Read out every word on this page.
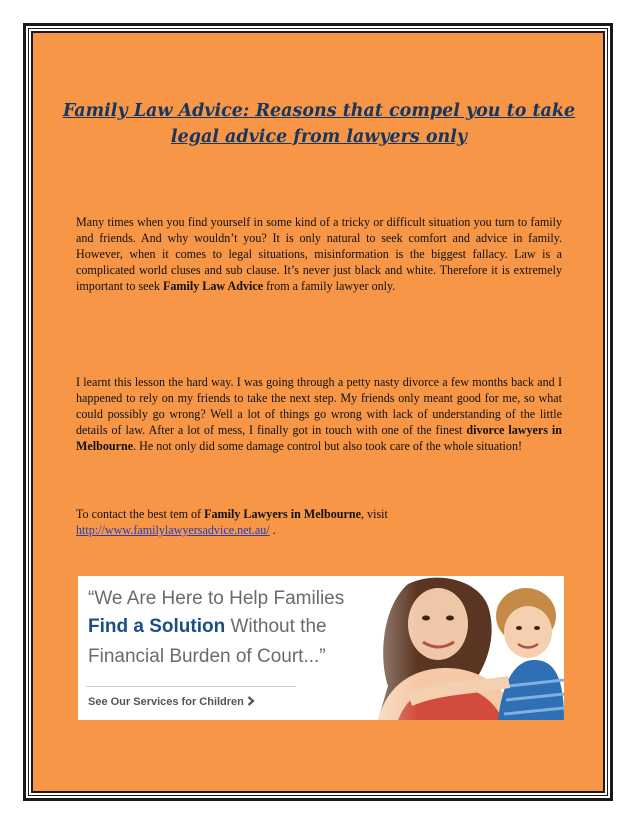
Family Law Advice: Reasons that compel you to take legal advice from lawyers only

Many times when you find yourself in some kind of a tricky or difficult situation you turn to family and friends. And why wouldn’t you? It is only natural to seek comfort and advice in family. However, when it comes to legal situations, misinformation is the biggest fallacy. Law is a complicated world cluses and sub clause. It’s never just black and white. Therefore it is extremely important to seek Family Law Advice from a family lawyer only.

I learnt this lesson the hard way. I was going through a petty nasty divorce a few months back and I happened to rely on my friends to take the next step. My friends only meant good for me, so what could possibly go wrong? Well a lot of things go wrong with lack of understanding of the little details of law. After a lot of mess, I finally got in touch with one of the finest divorce lawyers in Melbourne. He not only did some damage control but also took care of the whole situation!

To contact the best tem of Family Lawyers in Melbourne, visit
http://www.familylawyersadvice.net.au/ .

“We Are Here to Help Families

Find a Solution Without the

Financial Burden of Court...”

See Our Services for Children
